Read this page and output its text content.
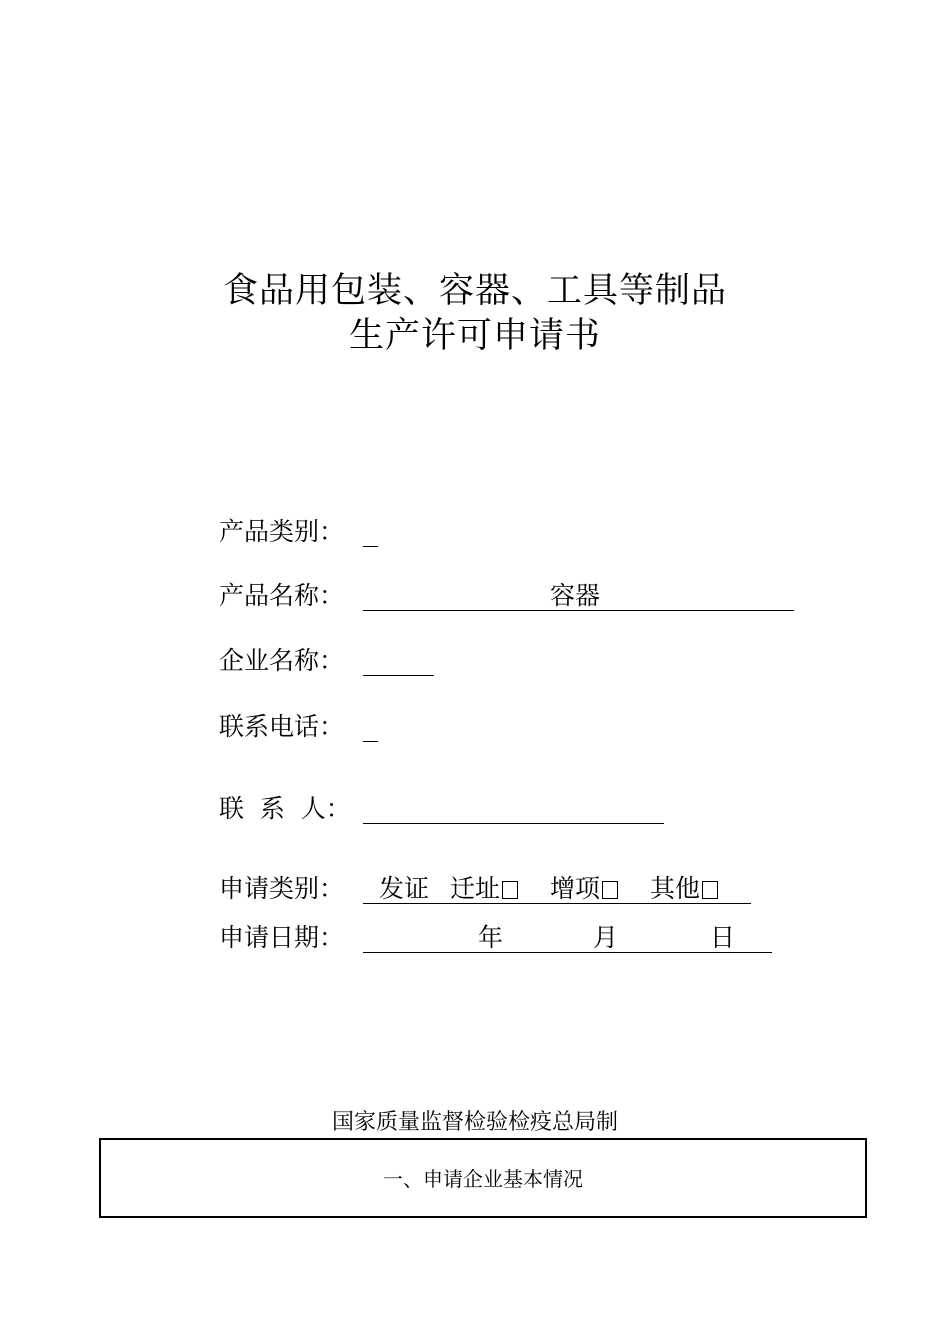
食品用包装、容器、工具等制品
生产许可申请书
产品类别：
产品名称：	容器
企业名称：
联系电话：
联  系  人：
申请类别： 发证 迁址	增项	其他
申请日期：	年	月	日
国家质量监督检验检疫总局制
一、申请企业基本情况
